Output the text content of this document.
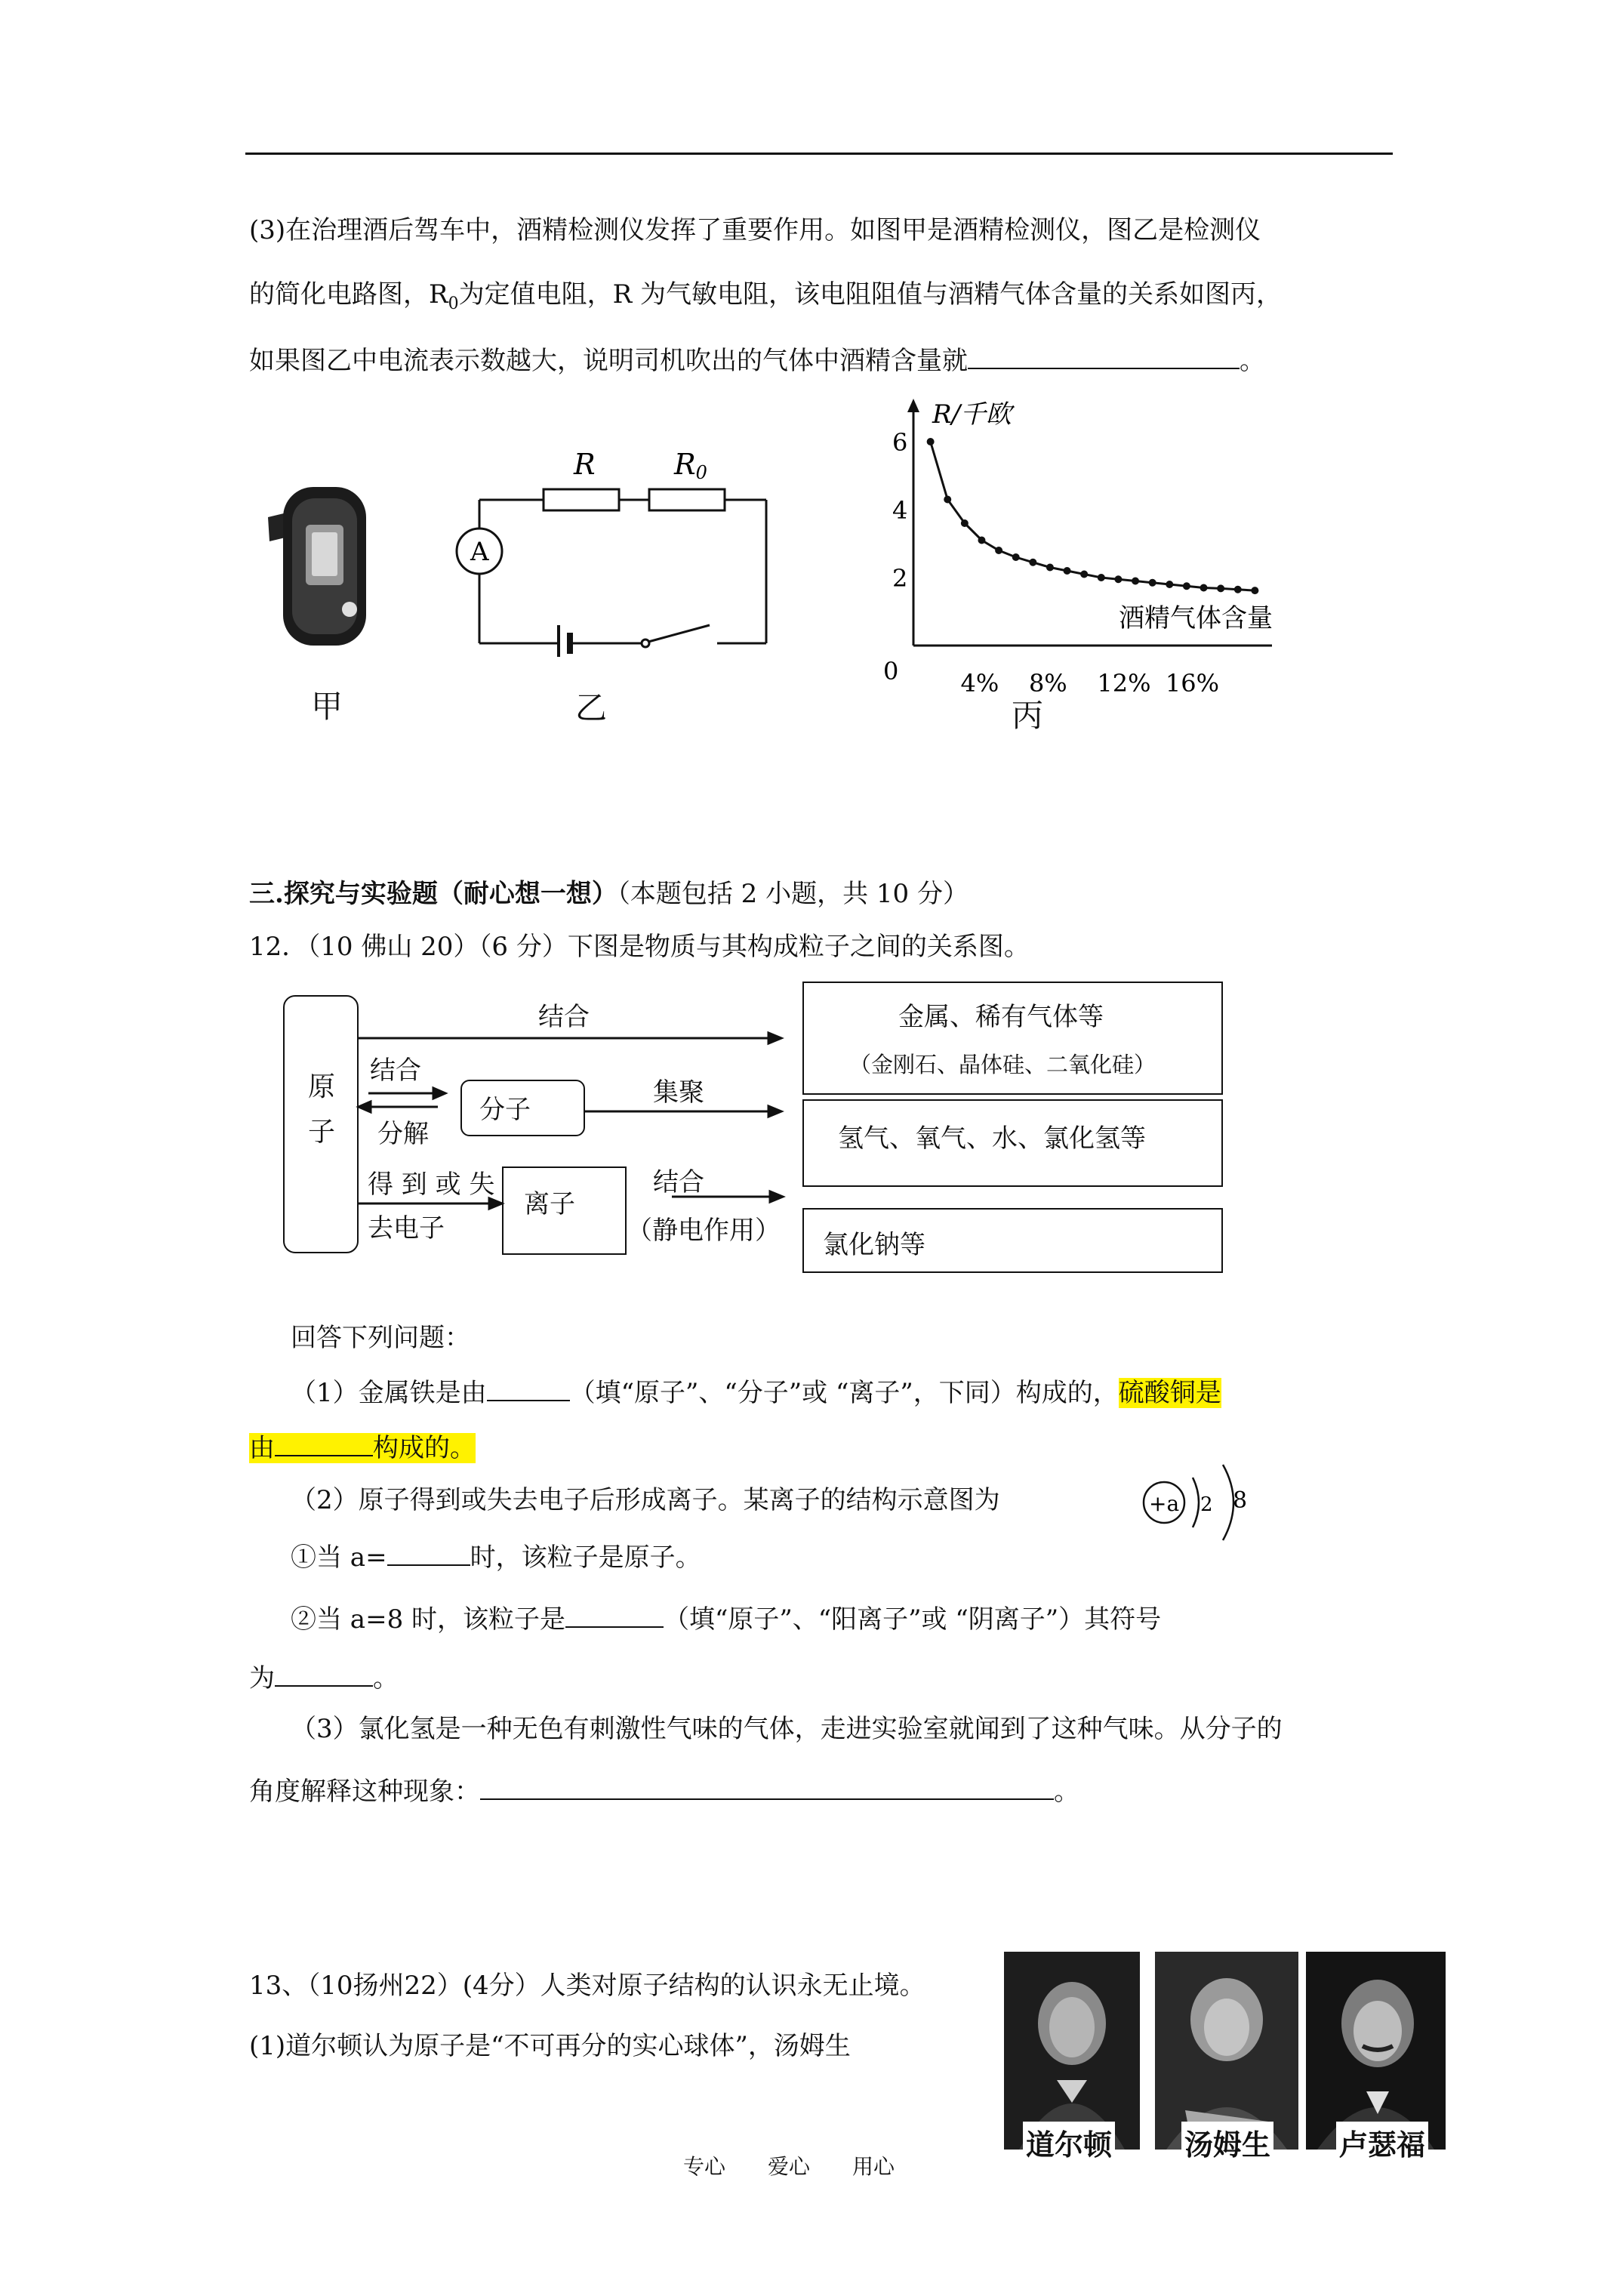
(3)在治理酒后驾车中，酒精检测仪发挥了重要作用。如图甲是酒精检测仪，图乙是检测仪
的简化电路图，$R_0$为定值电阻，R 为气敏电阻，该电阻阻值与酒精气体含量的关系如图丙，
如果图乙中电流表示数越大，说明司机吹出的气体中酒精含量就	。
甲
R	R0
A
乙
R/千欧
酒精气体含量
0
2
4
6
4% 8% 12% 16%
丙
三.探究与实验题（耐心想一想）（本题包括 2 小题，共 10 分）
12．（10 佛山 20）（6 分）下图是物质与其构成粒子之间的关系图。
原
子
结合
结合
分解
分子
集聚
得 到 或 失
去电子
离子
结合
（静电作用）
金属、稀有气体等
（金刚石、晶体硅、二氧化硅）
氢气、氧气、水、氯化氢等
氯化钠等
回答下列问题：
（1）金属铁是由	（填“原子”、“分子”或 “离子”，下同）构成的，硫酸铜是
由	构成的。
（2）原子得到或失去电子后形成离子。某离子的结构示意图为	+a 2 8
①当 a=	时，该粒子是原子。
②当 a=8 时，该粒子是	（填“原子”、“阳离子”或 “阴离子”）其符号
为	。
（3）氯化氢是一种无色有刺激性气味的气体，走进实验室就闻到了这种气味。从分子的
角度解释这种现象：	。
13、（10扬州22）(4分）人类对原子结构的认识永无止境。
(1)道尔顿认为原子是“不可再分的实心球体”，汤姆生
道尔顿	汤姆生 卢瑟福
专心　　爱心　　用心
